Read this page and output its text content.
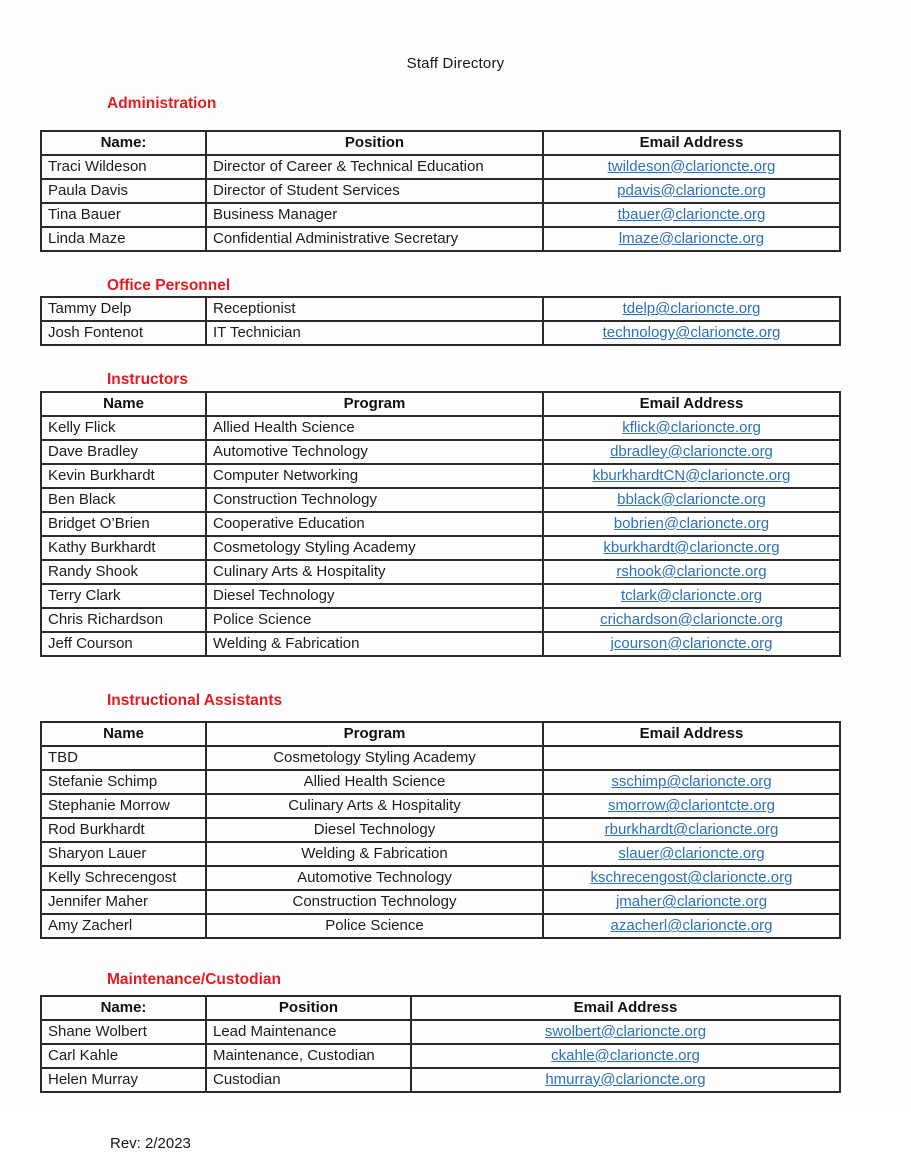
Staff Directory
Administration
Name:	Position	Email Address
Traci Wildeson	Director of Career & Technical Education	twildeson@clarioncte.org
Paula Davis	Director of Student Services	pdavis@clarioncte.org
Tina Bauer	Business Manager	tbauer@clarioncte.org
Linda Maze	Confidential Administrative Secretary	lmaze@clarioncte.org
Office Personnel
Tammy Delp	Receptionist	tdelp@clarioncte.org
Josh Fontenot	IT Technician	technology@clarioncte.org
Instructors
Name	Program	Email Address
Kelly Flick	Allied Health Science	kflick@clarioncte.org
Dave Bradley	Automotive Technology	dbradley@clarioncte.org
Kevin Burkhardt	Computer Networking	kburkhardtCN@clarioncte.org
Ben Black	Construction Technology	bblack@clarioncte.org
Bridget O’Brien	Cooperative Education	bobrien@clarioncte.org
Kathy Burkhardt	Cosmetology Styling Academy	kburkhardt@clarioncte.org
Randy Shook	Culinary Arts & Hospitality	rshook@clarioncte.org
Terry Clark	Diesel Technology	tclark@clarioncte.org
Chris Richardson	Police Science	crichardson@clarioncte.org
Jeff Courson	Welding & Fabrication	jcourson@clarioncte.org
Instructional Assistants
Name	Program	Email Address
TBD	Cosmetology Styling Academy	
Stefanie Schimp	Allied Health Science	sschimp@clarioncte.org
Stephanie Morrow	Culinary Arts & Hospitality	smorrow@clariontcte.org
Rod Burkhardt	Diesel Technology	rburkhardt@clarioncte.org
Sharyon Lauer	Welding & Fabrication	slauer@clarioncte.org
Kelly Schrecengost	Automotive Technology	kschrecengost@clarioncte.org
Jennifer Maher	Construction Technology	jmaher@clarioncte.org
Amy Zacherl	Police Science	azacherl@clarioncte.org
Maintenance/Custodian
Name:	Position	Email Address
Shane Wolbert	Lead Maintenance	swolbert@clarioncte.org
Carl Kahle	Maintenance, Custodian	ckahle@clarioncte.org
Helen Murray	Custodian	hmurray@clarioncte.org
Rev: 2/2023
